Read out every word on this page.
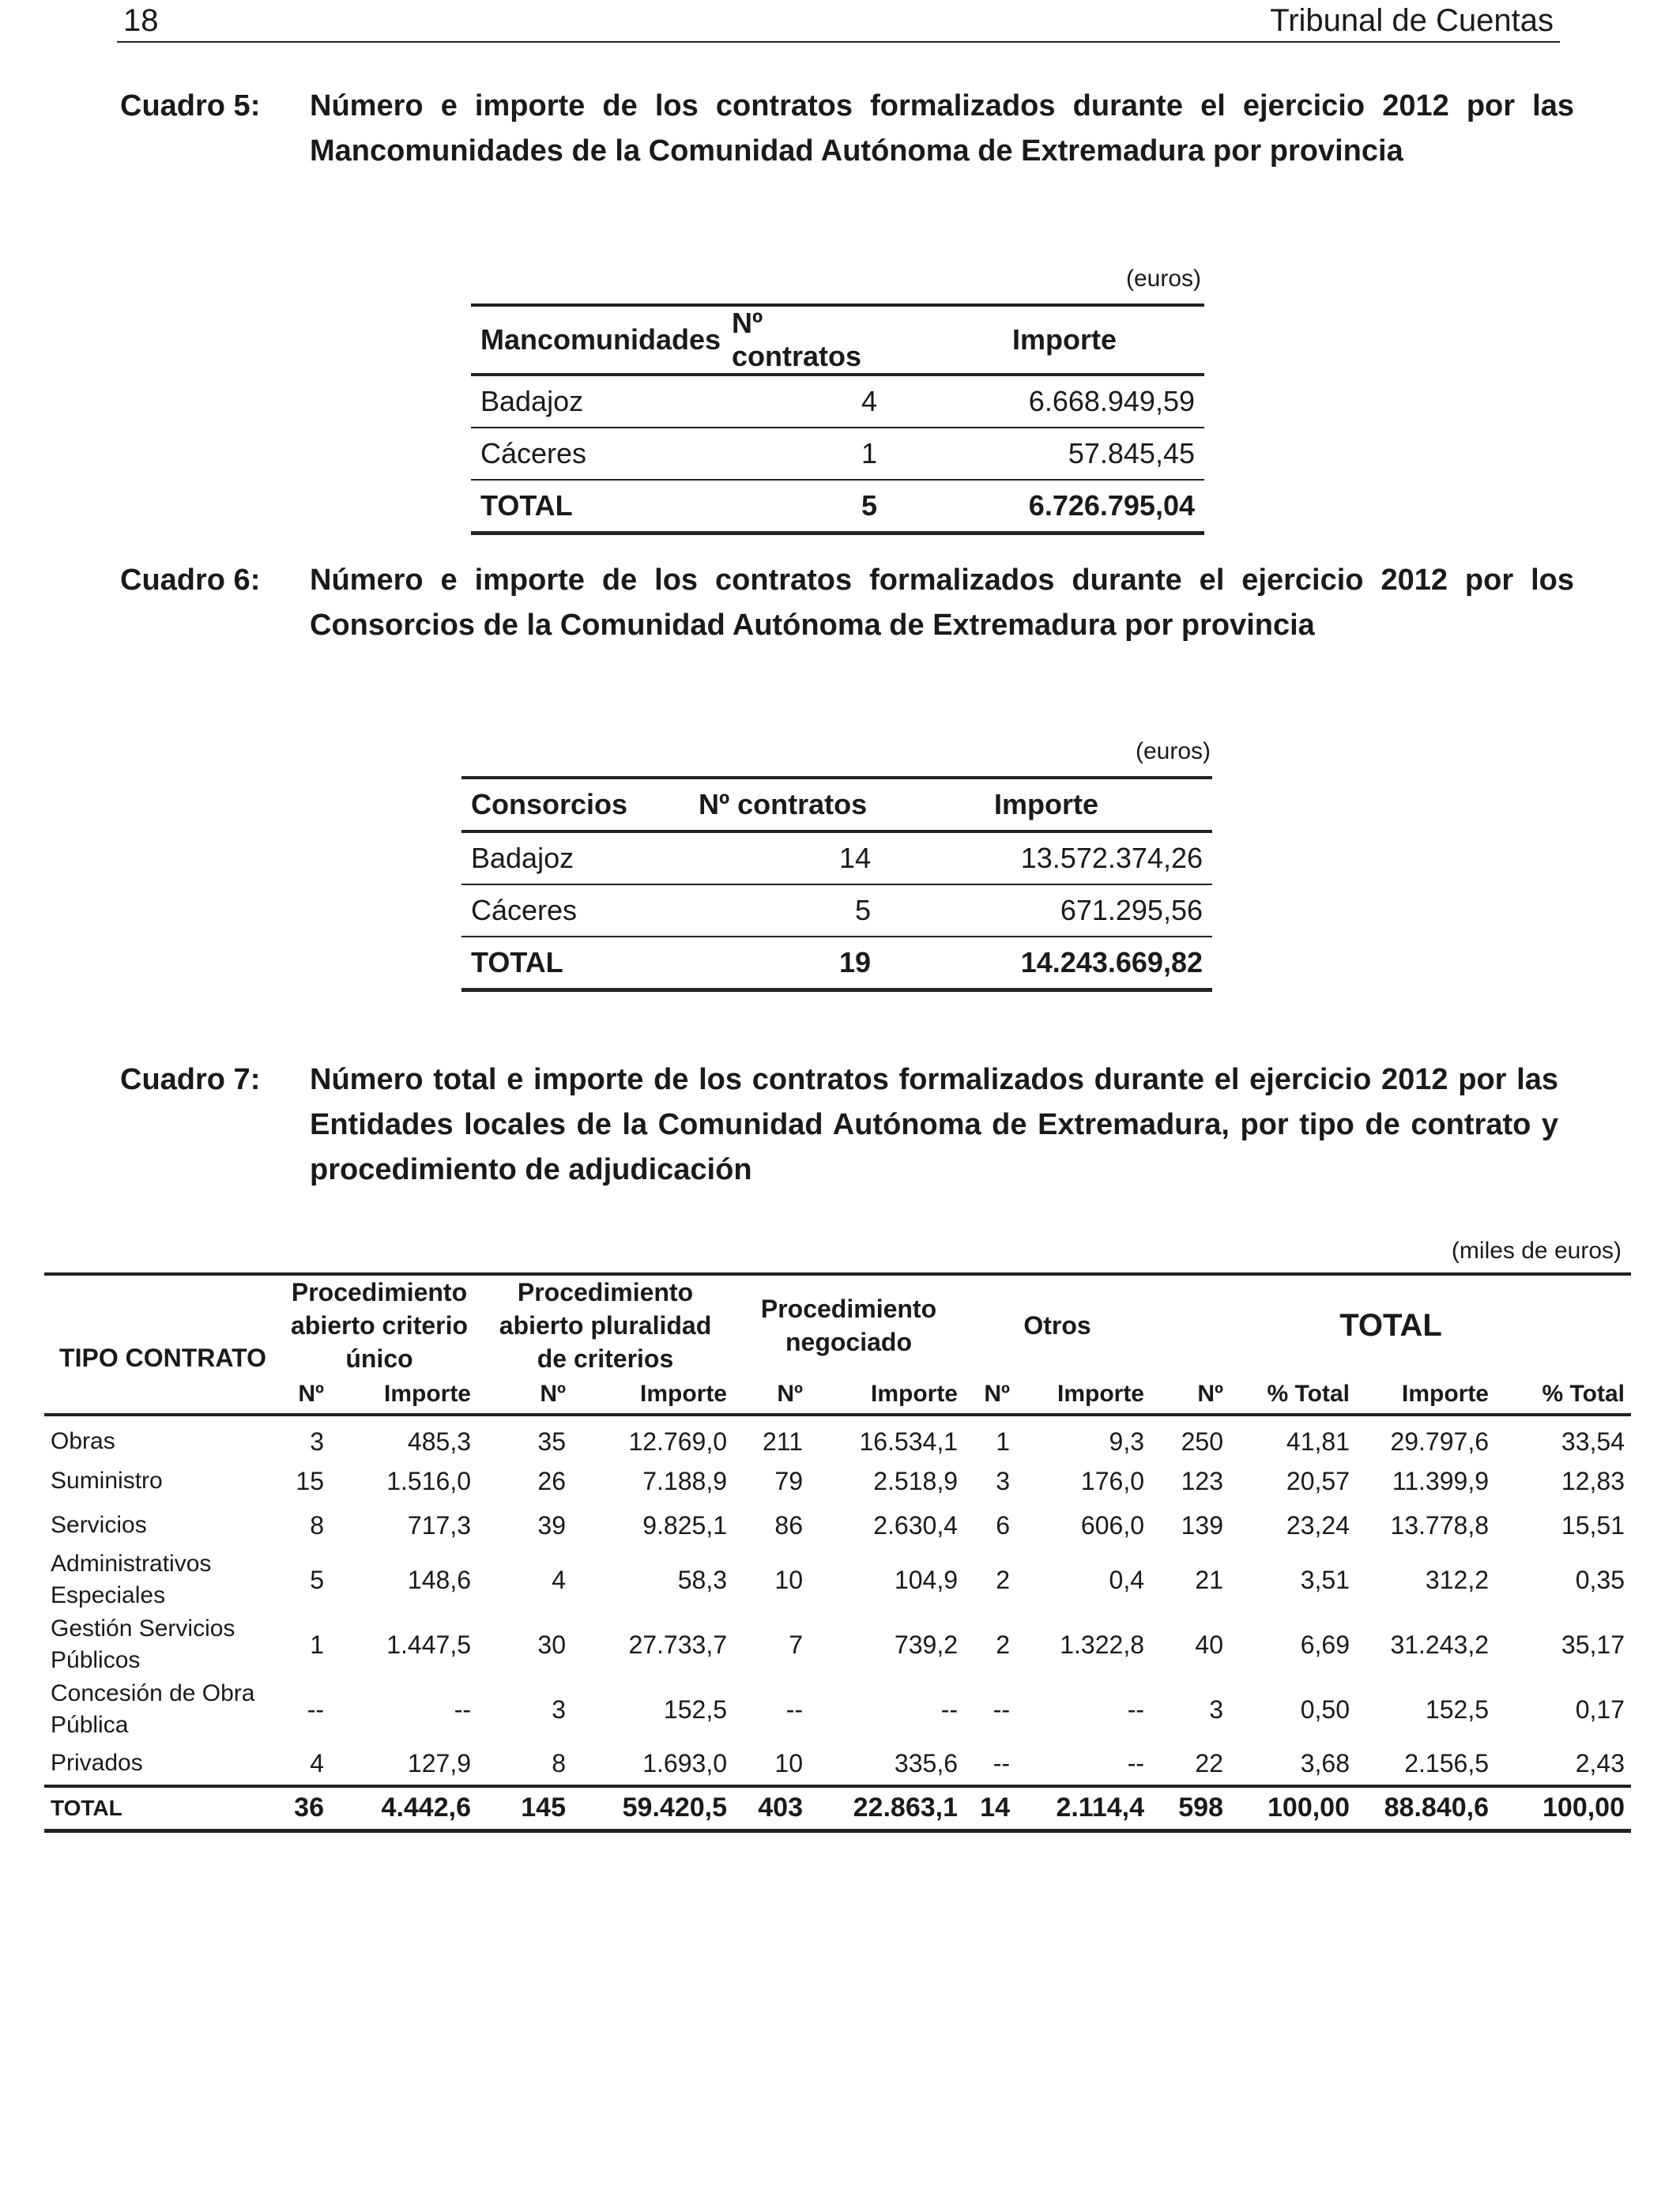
18	Tribunal de Cuentas
Cuadro 5: Número e importe de los contratos formalizados durante el ejercicio 2012 por las Mancomunidades de la Comunidad Autónoma de Extremadura por provincia
(euros)
Mancomunidades	Nº contratos	Importe
Badajoz	4	6.668.949,59
Cáceres	1	57.845,45
TOTAL	5	6.726.795,04
Cuadro 6: Número e importe de los contratos formalizados durante el ejercicio 2012 por los Consorcios de la Comunidad Autónoma de Extremadura por provincia
(euros)
Consorcios	Nº contratos	Importe
Badajoz	14	13.572.374,26
Cáceres	5	671.295,56
TOTAL	19	14.243.669,82
Cuadro 7: Número total e importe de los contratos formalizados durante el ejercicio 2012 por las Entidades locales de la Comunidad Autónoma de Extremadura, por tipo de contrato y procedimiento de adjudicación
(miles de euros)
TIPO CONTRATO	Procedimiento abierto criterio único		Procedimiento abierto pluralidad de criterios		Procedimiento negociado		Otros		TOTAL			
	Nº	Importe	Nº	Importe	Nº	Importe	Nº	Importe	Nº	% Total	Importe	% Total
Obras	3	485,3	35	12.769,0	211	16.534,1	1	9,3	250	41,81	29.797,6	33,54
Suministro	15	1.516,0	26	7.188,9	79	2.518,9	3	176,0	123	20,57	11.399,9	12,83
Servicios	8	717,3	39	9.825,1	86	2.630,4	6	606,0	139	23,24	13.778,8	15,51
Administrativos Especiales	5	148,6	4	58,3	10	104,9	2	0,4	21	3,51	312,2	0,35
Gestión Servicios Públicos	1	1.447,5	30	27.733,7	7	739,2	2	1.322,8	40	6,69	31.243,2	35,17
Concesión de Obra Pública	--	--	3	152,5	--	--	--	--	3	0,50	152,5	0,17
Privados	4	127,9	8	1.693,0	10	335,6	--	--	22	3,68	2.156,5	2,43
TOTAL	36	4.442,6	145	59.420,5	403	22.863,1	14	2.114,4	598	100,00	88.840,6	100,00
